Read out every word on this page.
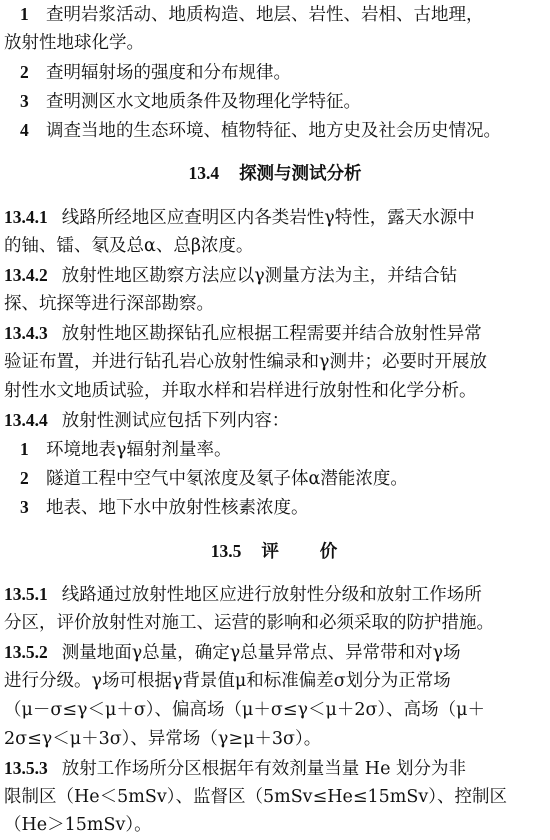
1 查明岩浆活动、地质构造、地层、岩性、岩相、古地理，
放射性地球化学。
2 查明辐射场的强度和分布规律。
3 查明测区水文地质条件及物理化学特征。
4 调查当地的生态环境、植物特征、地方史及社会历史情况。
13.4 探测与测试分析
13.4.1 线路所经地区应查明区内各类岩性γ特性，露天水源中
的铀、镭、氡及总α、总β浓度。
13.4.2 放射性地区勘察方法应以γ测量方法为主，并结合钻
探、坑探等进行深部勘察。
13.4.3 放射性地区勘探钻孔应根据工程需要并结合放射性异常
验证布置，并进行钻孔岩心放射性编录和γ测井；必要时开展放
射性水文地质试验，并取水样和岩样进行放射性和化学分析。
13.4.4 放射性测试应包括下列内容：
1 环境地表γ辐射剂量率。
2 隧道工程中空气中氡浓度及氡子体α潜能浓度。
3 地表、地下水中放射性核素浓度。
13.5 评　　价
13.5.1 线路通过放射性地区应进行放射性分级和放射工作场所
分区，评价放射性对施工、运营的影响和必须采取的防护措施。
13.5.2 测量地面γ总量，确定γ总量异常点、异常带和对γ场
进行分级。γ场可根据γ背景值μ和标准偏差σ划分为正常场
（μ－σ≤γ＜μ＋σ）、偏高场（μ＋σ≤γ＜μ＋2σ）、高场（μ＋
2σ≤γ＜μ＋3σ）、异常场（γ≥μ＋3σ）。
13.5.3 放射工作场所分区根据年有效剂量当量 He 划分为非
限制区（He＜5mSv）、监督区（5mSv≤He≤15mSv）、控制区
（He＞15mSv）。
